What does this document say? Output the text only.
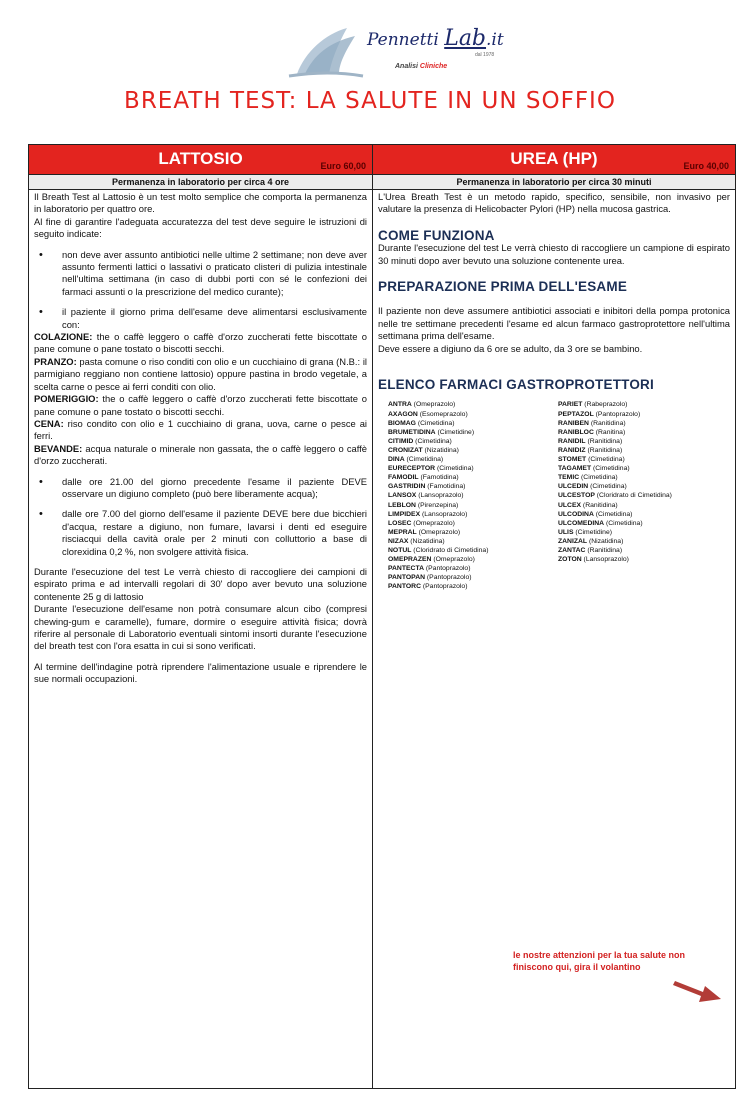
Pennetti Lab.it
dal 1978
Analisi Cliniche
BREATH TEST: LA SALUTE IN UN SOFFIO
LATTOSIO	Euro 60,00
Permanenza in laboratorio per circa 4 ore

Il Breath Test al Lattosio è un test molto semplice che comporta la permanenza in laboratorio per quattro ore.

Al fine di garantire l'adeguata accuratezza del test deve seguire le istruzioni di seguito indicate:

• non deve aver assunto antibiotici nelle ultime 2 settimane; non deve aver assunto fermenti lattici o lassativi o praticato clisteri di pulizia intestinale nell'ultima settimana (in caso di dubbi porti con sé le confezioni dei farmaci assunti o la prescrizione del medico curante);

• il paziente il giorno prima dell'esame deve alimentarsi esclusivamente con:

COLAZIONE: the o caffè leggero o caffè d'orzo zuccherati fette biscottate o pane comune o pane tostato o biscotti secchi.

PRANZO: pasta comune o riso conditi con olio e un cucchiaino di grana (N.B.: il parmigiano reggiano non contiene lattosio) oppure pastina in brodo vegetale, a scelta carne o pesce ai ferri conditi con olio.

POMERIGGIO: the o caffè leggero o caffè d'orzo zuccherati fette biscottate o pane comune o pane tostato o biscotti secchi.

CENA: riso condito con olio e 1 cucchiaino di grana, uova, carne o pesce ai ferri.

BEVANDE: acqua naturale o minerale non gassata, the o caffè leggero o caffè d'orzo zuccherati.

• dalle ore 21.00 del giorno precedente l'esame il paziente DEVE osservare un digiuno completo (può bere liberamente acqua);

• dalle ore 7.00 del giorno dell'esame il paziente DEVE bere due bicchieri d'acqua, restare a digiuno, non fumare, lavarsi i denti ed eseguire risciacqui della cavità orale per 2 minuti con colluttorio a base di clorexidina 0,2 %, non svolgere attività fisica.

Durante l'esecuzione del test Le verrà chiesto di raccogliere dei campioni di espirato prima e ad intervalli regolari di 30' dopo aver bevuto una soluzione contenente 25 g di lattosio

Durante l'esecuzione dell'esame non potrà consumare alcun cibo (compresi chewing-gum e caramelle), fumare, dormire o eseguire attività fisica; dovrà riferire al personale di Laboratorio eventuali sintomi insorti durante l'esecuzione del breath test con l'ora esatta in cui si sono verificati.

Al termine dell'indagine potrà riprendere l'alimentazione usuale e riprendere le sue normali occupazioni.

UREA (HP)	Euro 40,00
Permanenza in laboratorio per circa 30 minuti

L'Urea Breath Test è un metodo rapido, specifico, sensibile, non invasivo per valutare la presenza di Helicobacter Pylori (HP) nella mucosa gastrica.

COME FUNZIONA

Durante l'esecuzione del test Le verrà chiesto di raccogliere un campione di espirato 30 minuti dopo aver bevuto una soluzione contenente urea.

PREPARAZIONE PRIMA DELL'ESAME

Il paziente non deve assumere antibiotici associati e inibitori della pompa protonica nelle tre settimane precedenti l'esame ed alcun farmaco gastroprotettore nell'ultima settimana prima dell'esame.

Deve essere a digiuno da 6 ore se adulto, da 3 ore se bambino.

ELENCO FARMACI GASTROPROTETTORI
ANTRA (Omeprazolo)
AXAGON (Esomeprazolo)
BIOMAG (Cimetidina)
BRUMETIDINA (Cimetidine)
CITIMID (Cimetidina)
CRONIZAT (Nizatidina)
DINA (Cimetidina)
EURECEPTOR (Cimetidina)
FAMODIL (Famotidina)
GASTRIDIN (Famotidina)
LANSOX (Lansoprazolo)
LEBLON (Pirenzepina)
LIMPIDEX (Lansoprazolo)
LOSEC (Omeprazolo)
MEPRAL (Omeprazolo)
NIZAX (Nizatidina)
NOTUL (Cloridrato di Cimetidina)
OMEPRAZEN (Omeprazolo)
PANTECTA (Pantoprazolo)
PANTOPAN (Pantoprazolo)
PANTORC (Pantoprazolo)
PARIET (Rabeprazolo)
PEPTAZOL (Pantoprazolo)
RANIBEN (Ranitidina)
RANIBLOC (Ranitina)
RANIDIL (Ranitidina)
RANIDIZ (Ranitidina)
STOMET (Cimetidina)
TAGAMET (Cimetidina)
TEMIC (Cimetidina)
ULCEDIN (Cimetidina)
ULCESTOP (Cloridrato di Cimetidina)
ULCEX (Ranitidina)
ULCODINA (Cimetidina)
ULCOMEDINA (Cimetidina)
ULIS (Cimetidine)
ZANIZAL (Nizatidina)
ZANTAC (Ranitidina)
ZOTON (Lansoprazolo)
le nostre attenzioni per la tua salute non finiscono qui, gira il volantino
